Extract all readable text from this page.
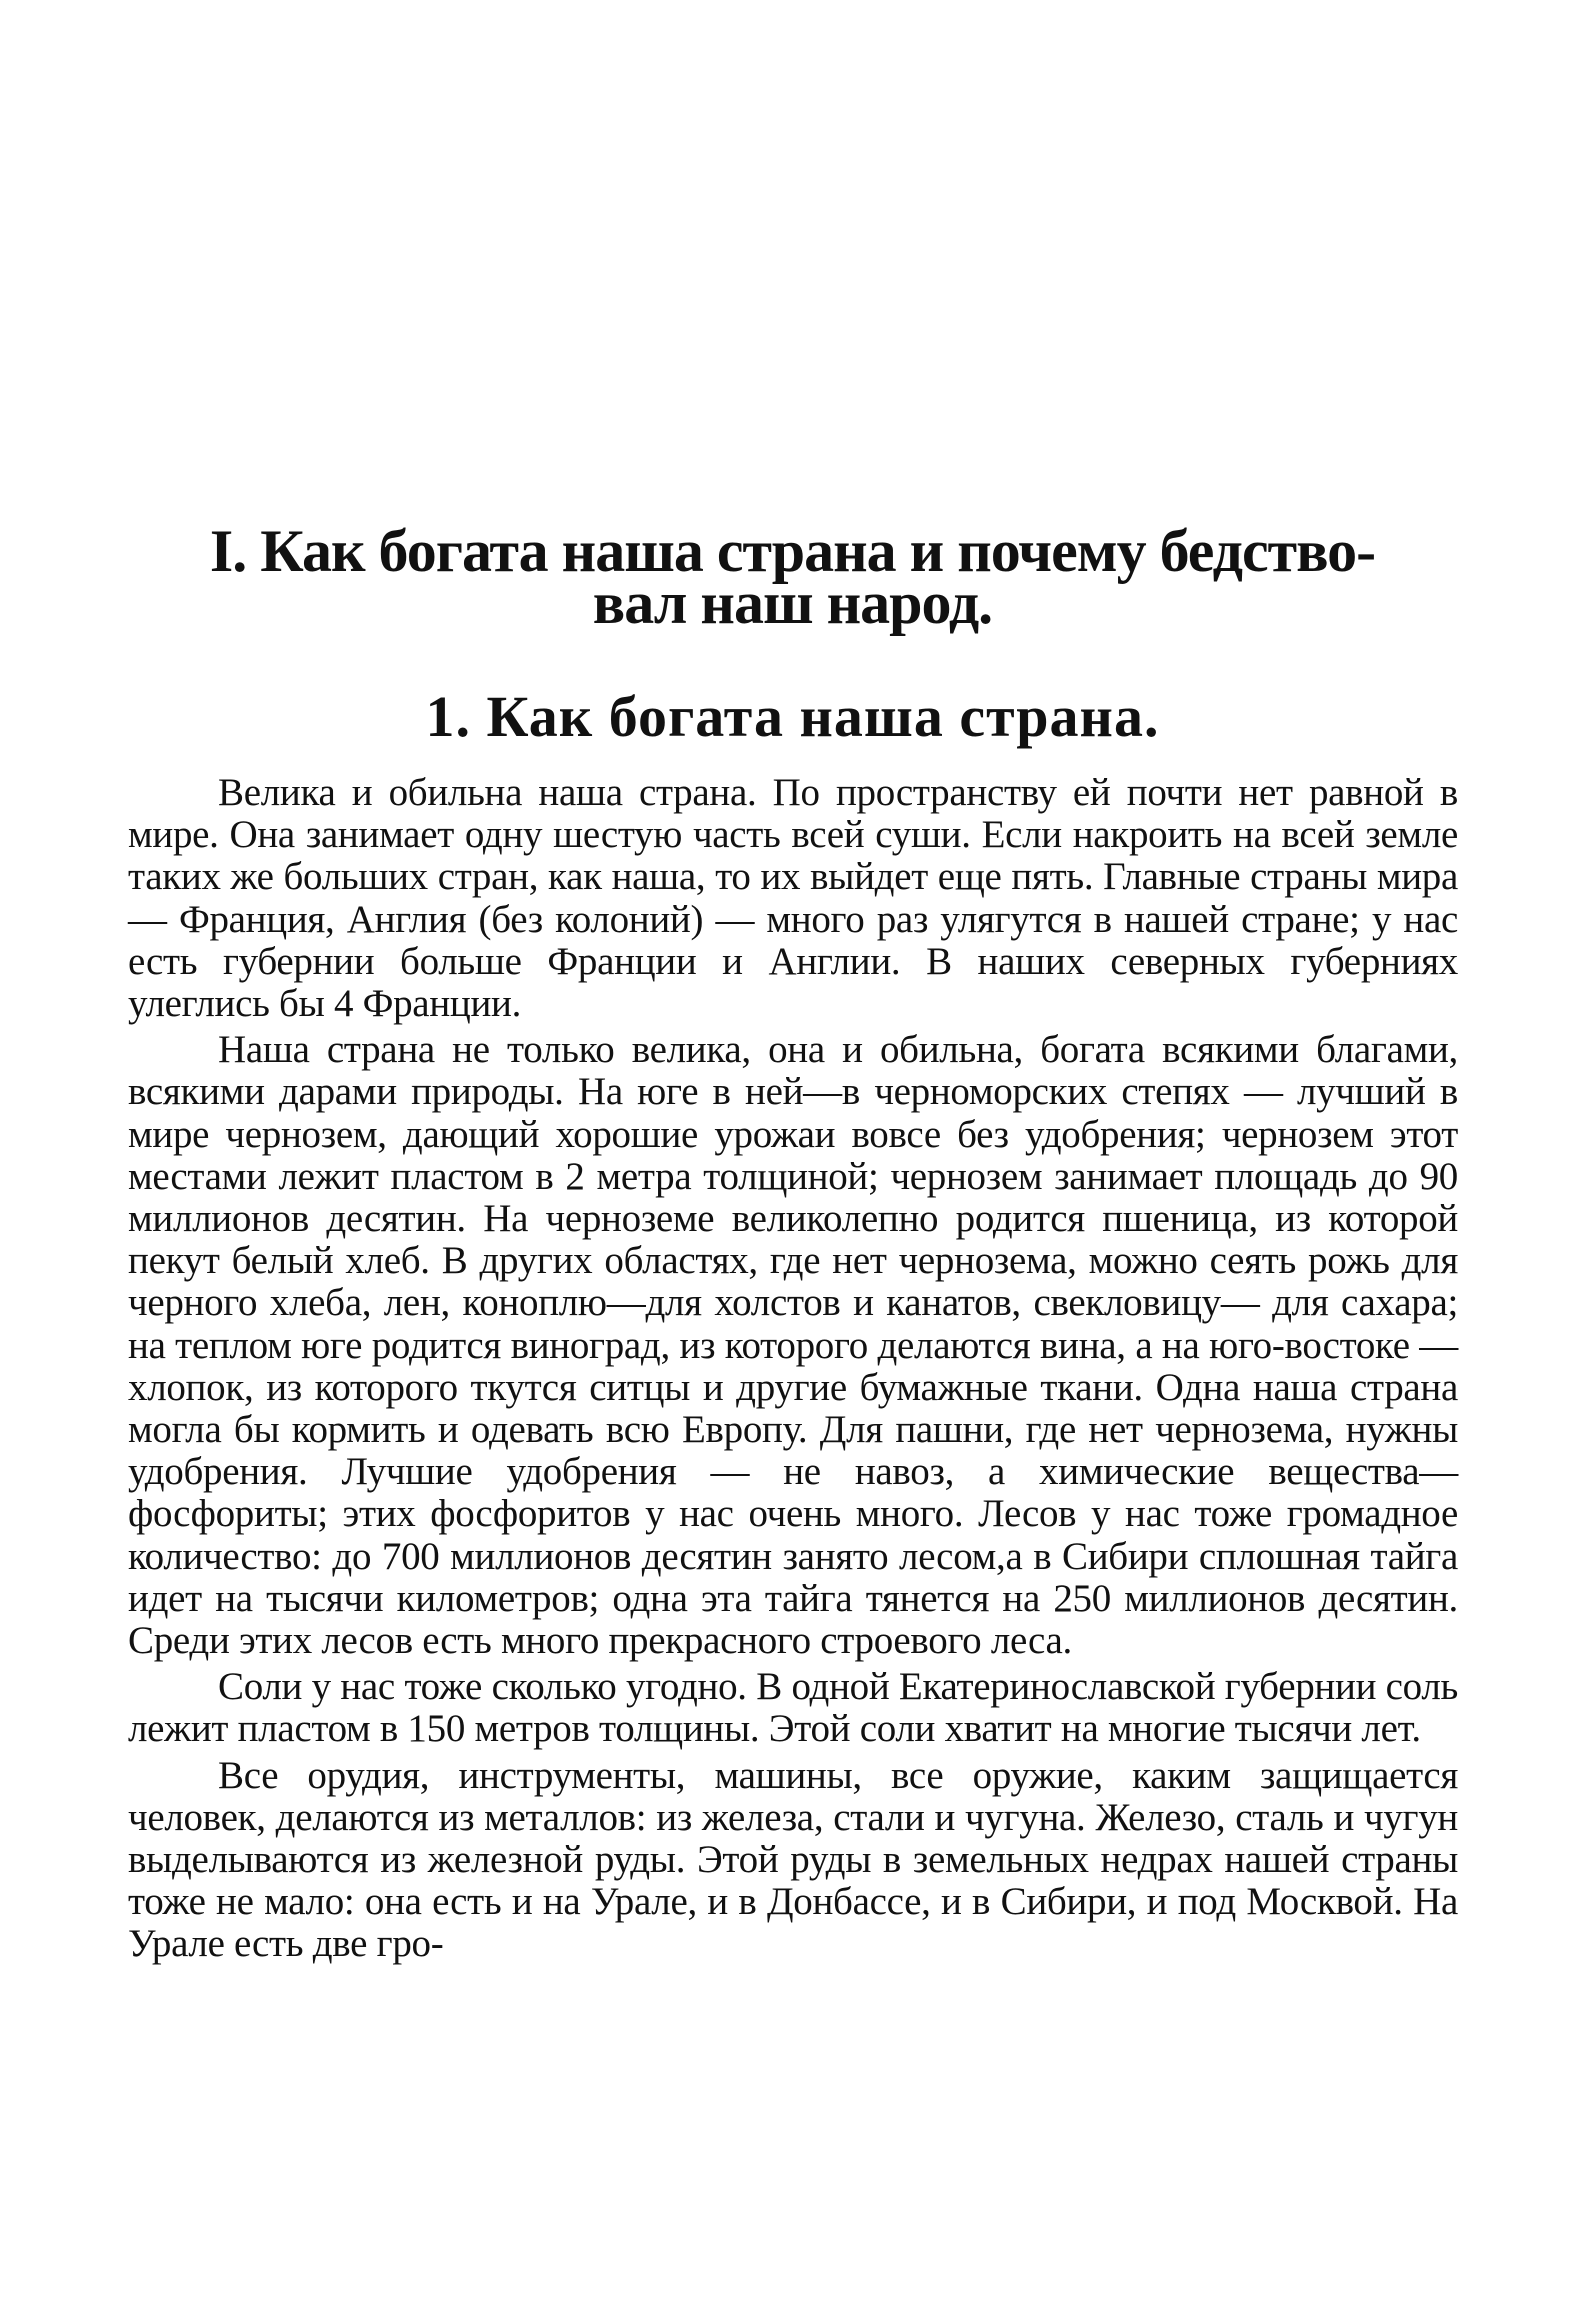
I. Как богата наша страна и почему бедство-
вал наш народ.
1. Как богата наша страна.

Велика и обильна наша страна. По пространству ей почти нет равной в мире. Она занимает одну шестую часть всей суши. Если накроить на всей земле таких же больших стран, как наша, то их выйдет еще пять. Главные страны мира — Франция, Англия (без колоний) — много раз улягутся в нашей стране; у нас есть губернии больше Франции и Англии. В наших северных губерниях улеглись бы 4 Франции.

Наша страна не только велика, она и обильна, богата всякими благами, всякими дарами природы. На юге в ней—в черноморских степях — лучший в мире чернозем, дающий хорошие урожаи вовсе без удобрения; чернозем этот местами лежит пластом в 2 метра толщиной; чернозем занимает площадь до 90 миллионов десятин. На черноземе великолепно родится пшеница, из которой пекут белый хлеб. В других областях, где нет чернозема, можно сеять рожь для черного хлеба, лен, коноплю—для холстов и канатов, свекловицу— для сахара; на теплом юге родится виноград, из которого делаются вина, а на юго-востоке — хлопок, из которого ткутся ситцы и другие бумажные ткани. Одна наша страна могла бы кормить и одевать всю Европу. Для пашни, где нет чернозема, нужны удобрения. Лучшие удобрения — не навоз, а химические вещества— фосфориты; этих фосфоритов у нас очень много. Лесов у нас тоже громадное количество: до 700 миллионов десятин занято лесом,а в Сибири сплошная тайга идет на тысячи километров; одна эта тайга тянется на 250 миллионов десятин. Среди этих лесов есть много прекрасного строевого леса.

Соли у нас тоже сколько угодно. В одной Екатеринославской губернии соль лежит пластом в 150 метров толщины. Этой соли хватит на многие тысячи лет.

Все орудия, инструменты, машины, все оружие, каким защищается человек, делаются из металлов: из железа, стали и чугуна. Железо, сталь и чугун выделываются из железной руды. Этой руды в земельных недрах нашей страны тоже не мало: она есть и на Урале, и в Донбассе, и в Сибири, и под Москвой. На Урале есть две гро-
